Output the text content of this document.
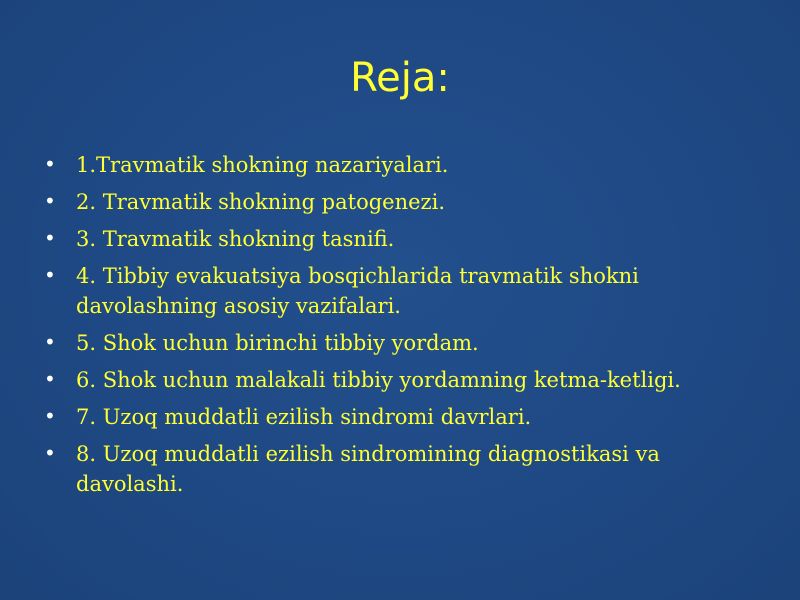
Reja:
• 1.Travmatik shokning nazariyalari.
• 2. Travmatik shokning patogenezi.
• 3. Travmatik shokning tasnifi.
• 4. Tibbiy evakuatsiya bosqichlarida travmatik shokni davolashning asosiy vazifalari.
• 5. Shok uchun birinchi tibbiy yordam.
• 6. Shok uchun malakali tibbiy yordamning ketma-ketligi.
• 7. Uzoq muddatli ezilish sindromi davrlari.
• 8. Uzoq muddatli ezilish sindromining diagnostikasi va davolashi.
